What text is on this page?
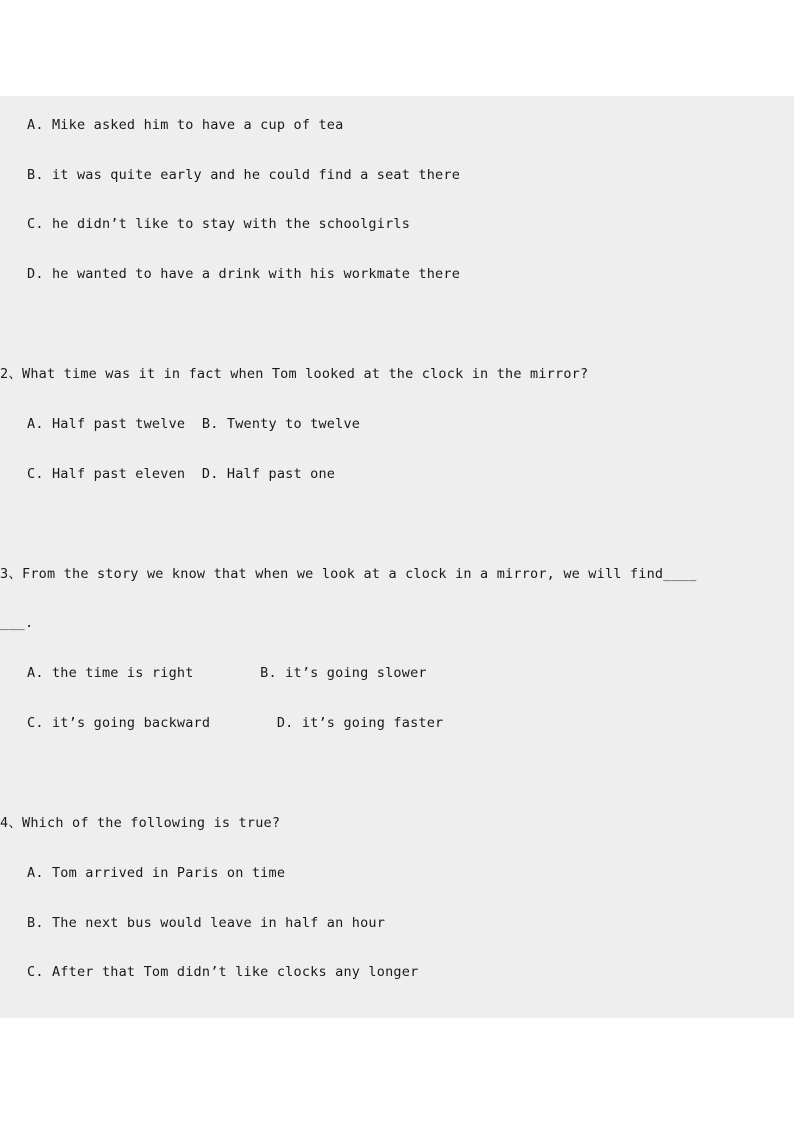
A. Mike asked him to have a cup of tea
B. it was quite early and he could find a seat there
C. he didn’t like to stay with the schoolgirls
D. he wanted to have a drink with his workmate there
2、What time was it in fact when Tom looked at the clock in the mirror?
A. Half past twelve  B. Twenty to twelve
C. Half past eleven  D. Half past one
3、From the story we know that when we look at a clock in a mirror, we will find____
___.
A. the time is right        B. it’s going slower
C. it’s going backward        D. it’s going faster
4、Which of the following is true?
A. Tom arrived in Paris on time
B. The next bus would leave in half an hour
C. After that Tom didn’t like clocks any longer
